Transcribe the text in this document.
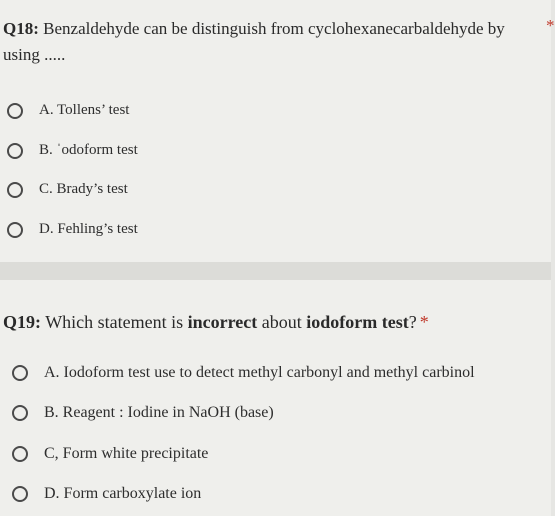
Q18: Benzaldehyde can be distinguish from cyclohexanecarbaldehyde by using .....
*

A. Tollens’ test
B. ˈodoform test
C. Brady’s test
D. Fehling’s test

Q19: Which statement is incorrect about iodoform test? *

A. Iodoform test use to detect methyl carbonyl and methyl carbinol
B. Reagent : Iodine in NaOH (base)
C, Form white precipitate
D. Form carboxylate ion
